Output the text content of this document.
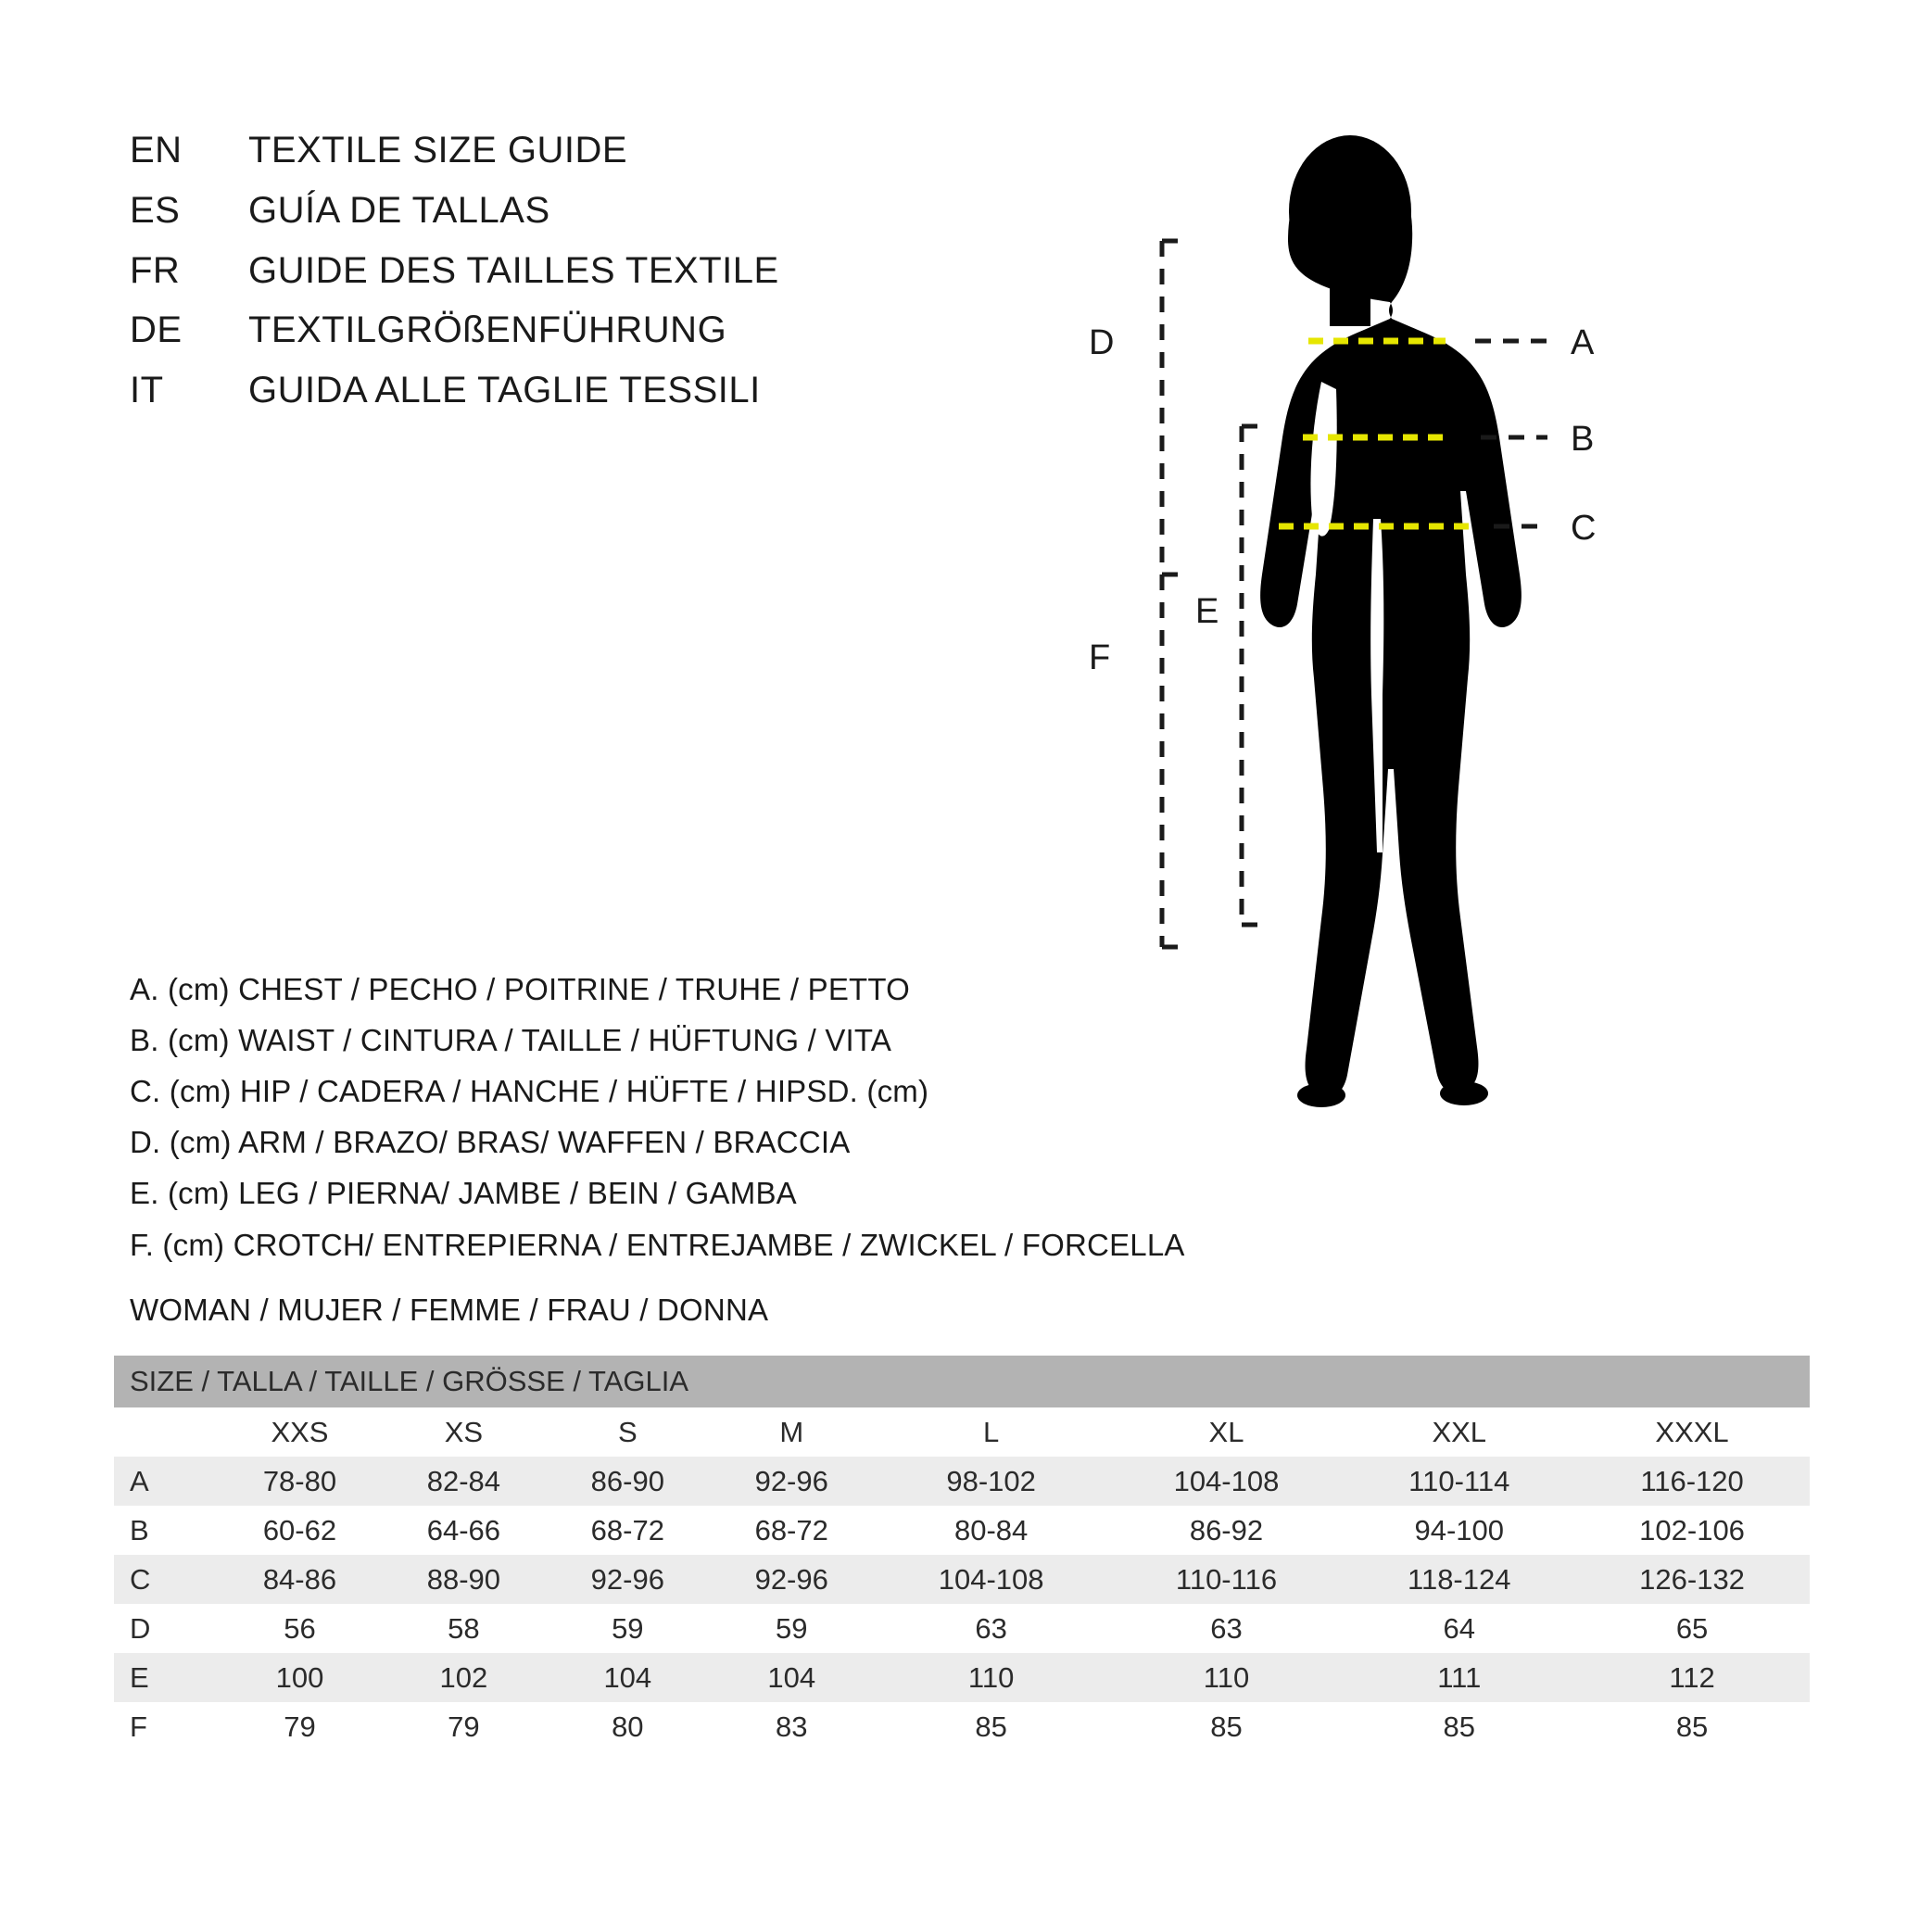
EN	TEXTILE SIZE GUIDE
ES	GUÍA DE TALLAS
FR	GUIDE DES TAILLES TEXTILE
DE	TEXTILGRÖßENFÜHRUNG
IT	GUIDA ALLE TAGLIE TESSILI
A
B
C
D
F
E
A. (cm) CHEST / PECHO / POITRINE / TRUHE / PETTO
B. (cm) WAIST / CINTURA / TAILLE / HÜFTUNG / VITA
C. (cm) HIP / CADERA / HANCHE / HÜFTE / HIPSD. (cm)
D. (cm) ARM / BRAZO/ BRAS/ WAFFEN / BRACCIA
E. (cm) LEG / PIERNA/ JAMBE / BEIN / GAMBA
F. (cm) CROTCH/ ENTREPIERNA / ENTREJAMBE / ZWICKEL / FORCELLA
WOMAN / MUJER / FEMME / FRAU / DONNA
SIZE / TALLA / TAILLE / GRÖSSE / TAGLIA								
	XXS	XS	S	M	L	XL	XXL	XXXL
A	78-80	82-84	86-90	92-96	98-102	104-108	110-114	116-120
B	60-62	64-66	68-72	68-72	80-84	86-92	94-100	102-106
C	84-86	88-90	92-96	92-96	104-108	110-116	118-124	126-132
D	56	58	59	59	63	63	64	65
E	100	102	104	104	110	110	111	112
F	79	79	80	83	85	85	85	85
